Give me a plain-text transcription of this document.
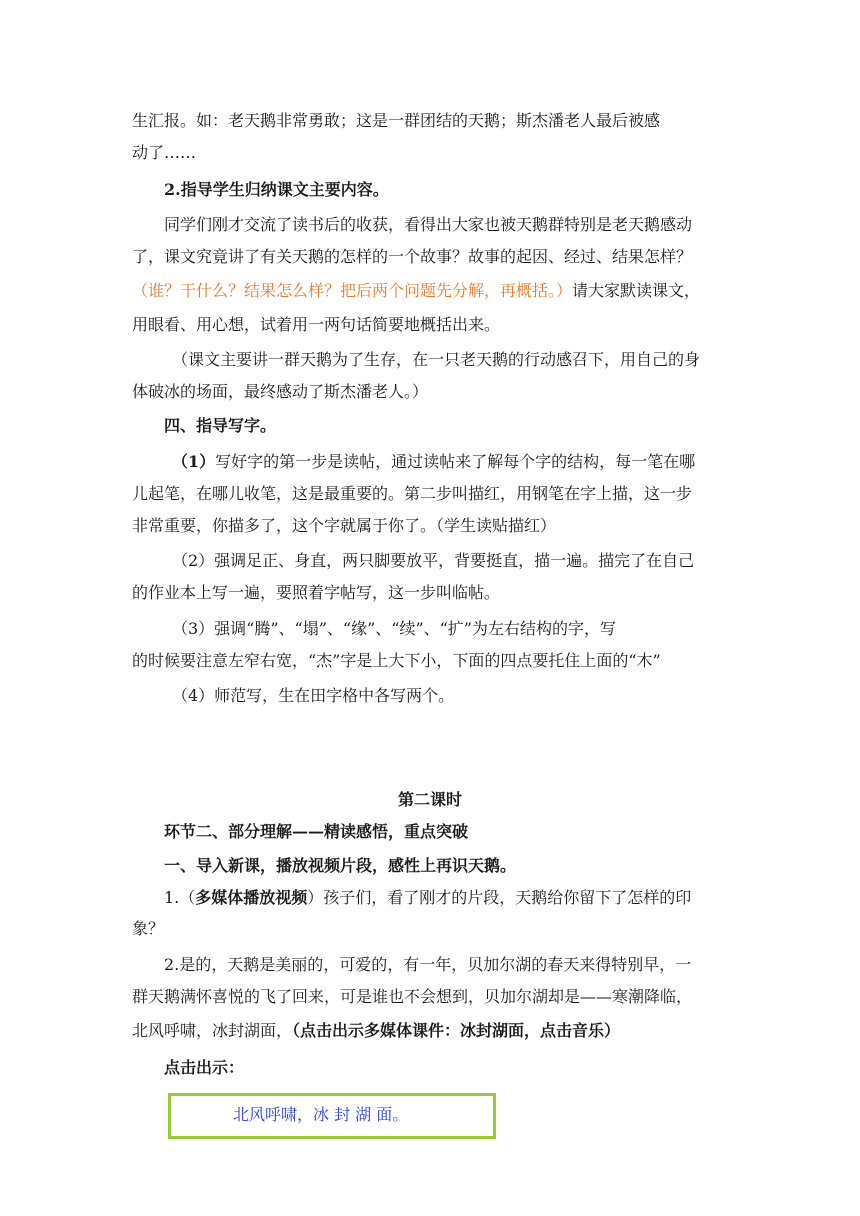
生汇报。如：老天鹅非常勇敢；这是一群团结的天鹅；斯杰潘老人最后被感
动了……
2.指导学生归纳课文主要内容。
同学们刚才交流了读书后的收获，看得出大家也被天鹅群特别是老天鹅感动
了，课文究竟讲了有关天鹅的怎样的一个故事？故事的起因、经过、结果怎样？
（谁？干什么？结果怎么样？把后两个问题先分解，再概括。）请大家默读课文，
用眼看、用心想，试着用一两句话简要地概括出来。
（课文主要讲一群天鹅为了生存，在一只老天鹅的行动感召下，用自己的身
体破冰的场面，最终感动了斯杰潘老人。）
四、指导写字。
（1）写好字的第一步是读帖，通过读帖来了解每个字的结构，每一笔在哪
儿起笔，在哪儿收笔，这是最重要的。第二步叫描红，用钢笔在字上描，这一步
非常重要，你描多了，这个字就属于你了。（学生读贴描红）
（2）强调足正、身直，两只脚要放平，背要挺直，描一遍。描完了在自己
的作业本上写一遍，要照着字帖写，这一步叫临帖。
（3）强调“腾”、“塌”、“缘”、“续”、“扩”为左右结构的字，写
的时候要注意左窄右宽，“杰”字是上大下小，下面的四点要托住上面的“木”
（4）师范写，生在田字格中各写两个。
第二课时
环节二、部分理解——精读感悟，重点突破
一、导入新课，播放视频片段，感性上再识天鹅。
1.（多媒体播放视频）孩子们，看了刚才的片段，天鹅给你留下了怎样的印
象？
2.是的，天鹅是美丽的，可爱的，有一年，贝加尔湖的春天来得特别早，一
群天鹅满怀喜悦的飞了回来，可是谁也不会想到，贝加尔湖却是——寒潮降临，
北风呼啸，冰封湖面，（点击出示多媒体课件：冰封湖面，点击音乐）
点击出示：
北风呼啸，冰 封 湖 面。
